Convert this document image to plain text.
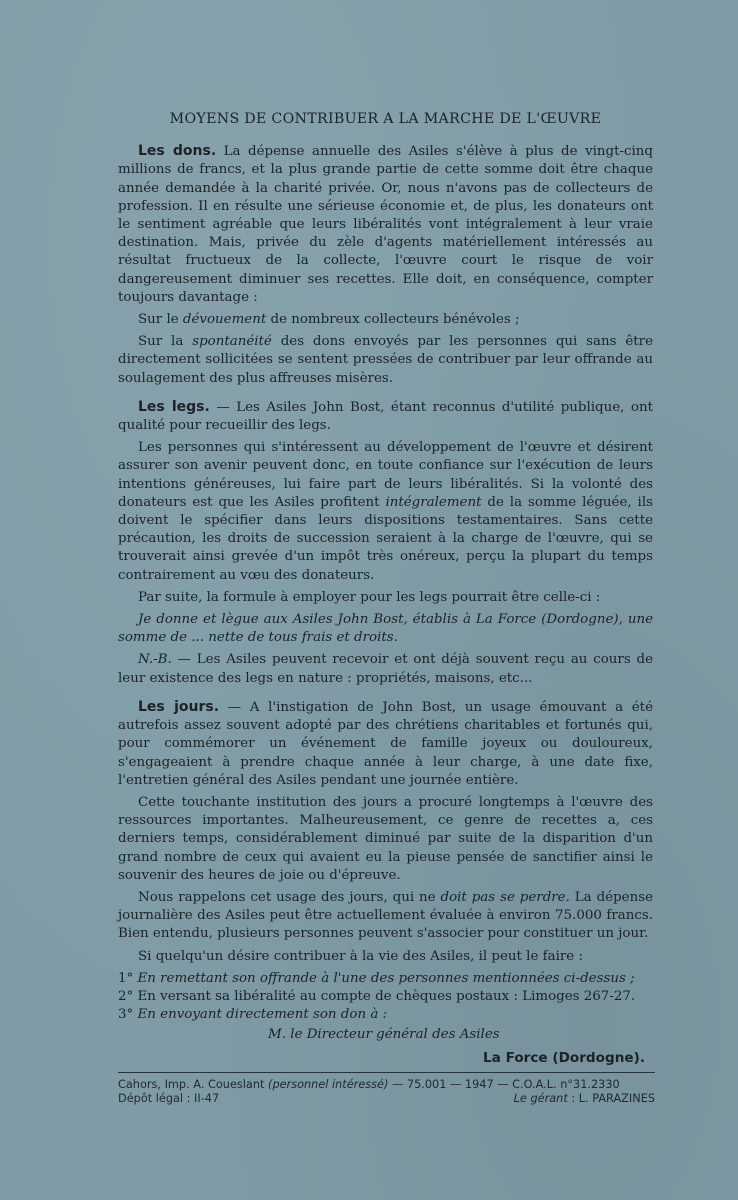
MOYENS DE CONTRIBUER A LA MARCHE DE L'ŒUVRE

Les dons. La dépense annuelle des Asiles s'élève à plus de vingt-cinq millions de francs, et la plus grande partie de cette somme doit être chaque année demandée à la charité privée. Or, nous n'avons pas de collecteurs de profession. Il en résulte une sérieuse économie et, de plus, les donateurs ont le sentiment agréable que leurs libéralités vont intégralement à leur vraie destination. Mais, privée du zèle d'agents matériellement intéressés au résultat fructueux de la collecte, l'œuvre court le risque de voir dangereusement diminuer ses recettes. Elle doit, en conséquence, compter toujours davantage :

Sur le dévouement de nombreux collecteurs bénévoles ;

Sur la spontanéité des dons envoyés par les personnes qui sans être directement sollicitées se sentent pressées de contribuer par leur offrande au soulagement des plus affreuses misères.

Les legs. — Les Asiles John Bost, étant reconnus d'utilité publique, ont qualité pour recueillir des legs.

Les personnes qui s'intéressent au développement de l'œuvre et désirent assurer son avenir peuvent donc, en toute confiance sur l'exécution de leurs intentions généreuses, lui faire part de leurs libéralités. Si la volonté des donateurs est que les Asiles profitent intégralement de la somme léguée, ils doivent le spécifier dans leurs dispositions testamentaires. Sans cette précaution, les droits de succession seraient à la charge de l'œuvre, qui se trouverait ainsi grevée d'un impôt très onéreux, perçu la plupart du temps contrairement au vœu des donateurs.

Par suite, la formule à employer pour les legs pourrait être celle-ci :

Je donne et lègue aux Asiles John Bost, établis à La Force (Dordogne), une somme de ... nette de tous frais et droits.

N.-B. — Les Asiles peuvent recevoir et ont déjà souvent reçu au cours de leur existence des legs en nature : propriétés, maisons, etc...

Les jours. — A l'instigation de John Bost, un usage émouvant a été autrefois assez souvent adopté par des chrétiens charitables et fortunés qui, pour commémorer un événement de famille joyeux ou douloureux, s'engageaient à prendre chaque année à leur charge, à une date fixe, l'entretien général des Asiles pendant une journée entière.

Cette touchante institution des jours a procuré longtemps à l'œuvre des ressources importantes. Malheureusement, ce genre de recettes a, ces derniers temps, considérablement diminué par suite de la disparition d'un grand nombre de ceux qui avaient eu la pieuse pensée de sanctifier ainsi le souvenir des heures de joie ou d'épreuve.

Nous rappelons cet usage des jours, qui ne doit pas se perdre. La dépense journalière des Asiles peut être actuellement évaluée à environ 75.000 francs. Bien entendu, plusieurs personnes peuvent s'associer pour constituer un jour.

Si quelqu'un désire contribuer à la vie des Asiles, il peut le faire :

1° En remettant son offrande à l'une des personnes mentionnées ci-dessus ;

2° En versant sa libéralité au compte de chèques postaux : Limoges 267-27.

3° En envoyant directement son don à :

M. le Directeur général des Asiles
La Force (Dordogne).
Cahors, Imp. A. Coueslant (personnel intéressé) — 75.001 — 1947 — C.O.A.L. n°31.2330
Dépôt légal : II-47	Le gérant : L. PARAZINES
